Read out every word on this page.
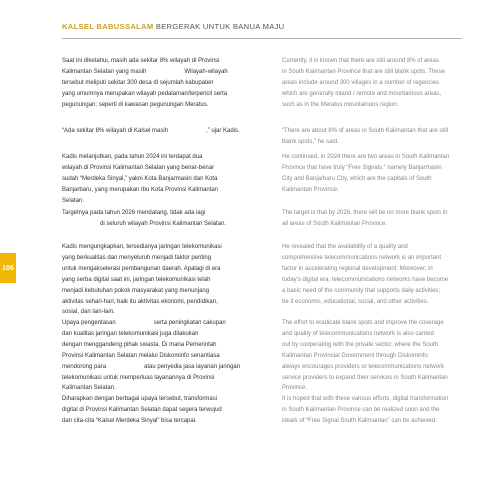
KALSEL BABUSSALAM BERGERAK UNTUK BANUA MAJU
106

Saat ini diketahui, masih ada sekitar 8% wilayah di Provinsi
Kalimantan Selatan yang masih	Wilayah-wilayah
tersebut meliputi sekitar 300 desa di sejumlah kabupaten
yang umumnya merupakan wilayah pedalaman/terpencil serta
pegunungan; seperti di kawasan pegunungan Meratus.

“Ada sekitar 8% wilayah di Kalsel masih	,” ujar Kadis.

Kadis melanjutkan, pada tahun 2024 ini terdapat dua
wilayah di Provinsi Kalimantan Selatan yang benar-benar
sudah “Merdeka Sinyal,” yakni Kota Banjarmasin dan Kota
Banjarbaru, yang merupakan Ibu Kota Provinsi Kalimantan
Selatan.

Targetnya pada tahun 2026 mendatang, tidak ada lagi
di seluruh wilayah Provinsi Kalimantan Selatan.

Kadis mengungkapkan, tersedianya jaringan telekomunikasi
yang berkualitas dan menyeluruh menjadi faktor penting
untuk mengakselerasi pembangunan daerah. Apalagi di era
yang serba digital saat ini, jaringan telekomunikasi telah
menjadi kebutuhan pokok masyarakat yang menunjang
aktivitas sehari-hari; baik itu aktivitas ekonomi, pendidikan,
sosial, dan lain-lain.

Upaya pengentasan	serta peningkatan cakupan
dan kualitas jaringan telekomunikasi juga dilakukan
dengan menggandeng pihak swasta. Di mana Pemerintah
Provinsi Kalimantan Selatan melalui Diskominfo senantiasa
mendorong para	atau penyedia jasa layanan jaringan
telekomunikasi untuk memperluas layanannya di Provinsi
Kalimantan Selatan.

Diharapkan dengan berbagai upaya tersebut, transformasi
digital di Provinsi Kalimantan Selatan dapat segera terwujud
dan cita-cita “Kalsel Merdeka Sinyal” bisa tercapai.

Currently, it is known that there are still around 8% of areas
in South Kalimantan Province that are still blank spots. These
areas include around 300 villages in a number of regencies
which are generally inland / remote and mountainous areas,
such as in the Meratus mountainous region.

“There are about 8% of areas in South Kalimantan that are still
blank spots,” he said.

He continued, in 2024 there are two areas in South Kalimantan
Province that have truly “Free Signals,” namely Banjarmasin
City and Banjarbaru City, which are the capitals of South
Kalimantan Province.

The target is that by 2026, there will be no more blank spots in
all areas of South Kalimantan Province.

He revealed that the availability of a quality and
comprehensive telecommunications network is an important
factor in accelerating regional development. Moreover, in
today's digital era, telecommunications networks have become
a basic need of the community that supports daily activities;
be it economic, educational, social, and other activities.

The effort to eradicate blank spots and improve the coverage
and quality of telecommunications network is also carried
out by cooperating with the private sector, where the South
Kalimantan Provincial Government through Diskominfo
always encourages providers or telecommunications network
service providers to expand their services in South Kalimantan
Province.

It is hoped that with these various efforts, digital transformation
in South Kalimantan Province can be realized soon and the
ideals of “Free Signal South Kalimantan” can be achieved.
